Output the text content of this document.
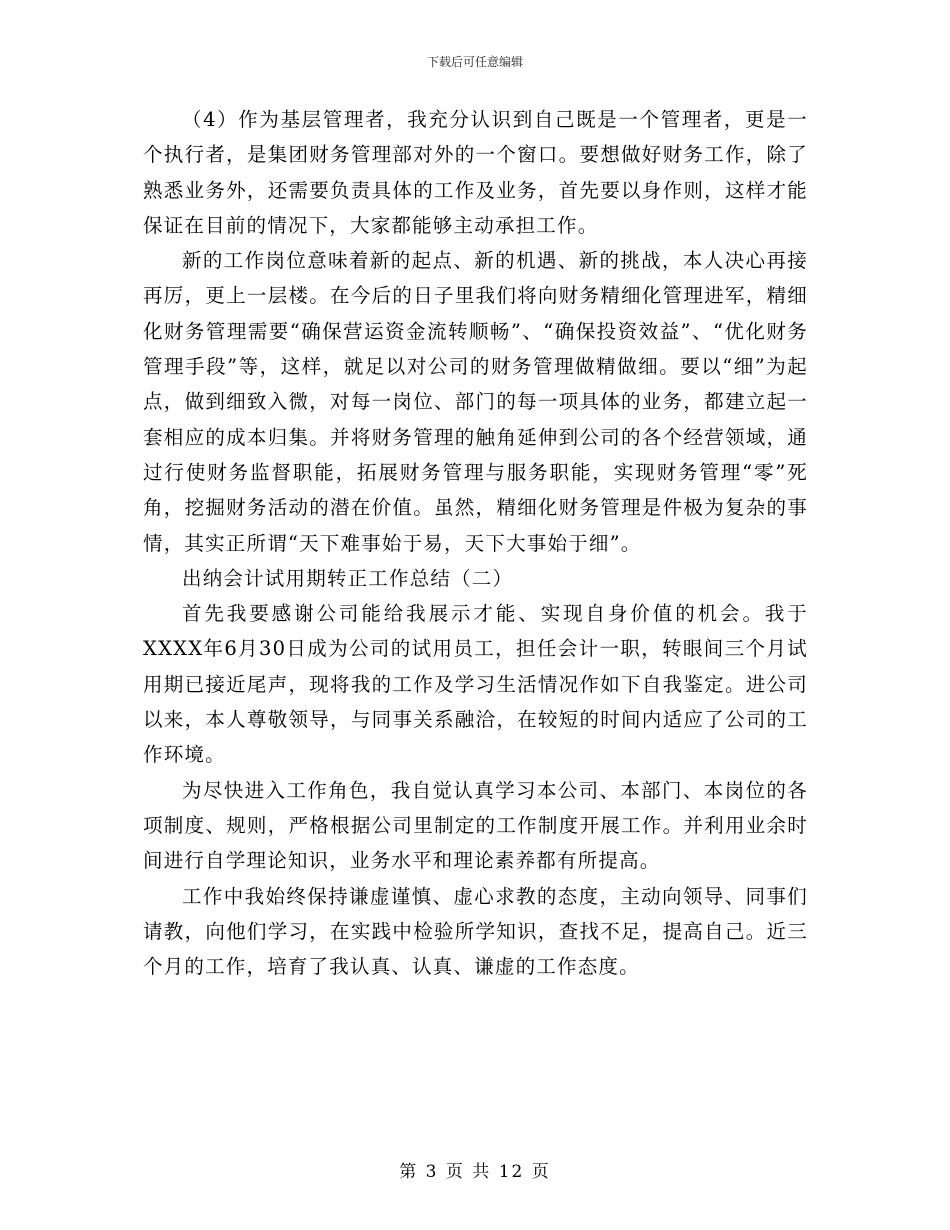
下载后可任意编辑

（4）作为基层管理者，我充分认识到自己既是一个管理者，更是一个执行者，是集团财务管理部对外的一个窗口。要想做好财务工作，除了熟悉业务外，还需要负责具体的工作及业务，首先要以身作则，这样才能保证在目前的情况下，大家都能够主动承担工作。

新的工作岗位意味着新的起点、新的机遇、新的挑战，本人决心再接再厉，更上一层楼。在今后的日子里我们将向财务精细化管理进军，精细化财务管理需要“确保营运资金流转顺畅”、“确保投资效益”、“优化财务管理手段”等，这样，就足以对公司的财务管理做精做细。要以“细”为起点，做到细致入微，对每一岗位、部门的每一项具体的业务，都建立起一套相应的成本归集。并将财务管理的触角延伸到公司的各个经营领域，通过行使财务监督职能，拓展财务管理与服务职能，实现财务管理“零”死角，挖掘财务活动的潜在价值。虽然，精细化财务管理是件极为复杂的事情，其实正所谓“天下难事始于易，天下大事始于细”。

出纳会计试用期转正工作总结（二）

首先我要感谢公司能给我展示才能、实现自身价值的机会。我于XXXX年6月30日成为公司的试用员工，担任会计一职，转眼间三个月试用期已接近尾声，现将我的工作及学习生活情况作如下自我鉴定。进公司以来，本人尊敬领导，与同事关系融洽，在较短的时间内适应了公司的工作环境。

为尽快进入工作角色，我自觉认真学习本公司、本部门、本岗位的各项制度、规则，严格根据公司里制定的工作制度开展工作。并利用业余时间进行自学理论知识，业务水平和理论素养都有所提高。

工作中我始终保持谦虚谨慎、虚心求教的态度，主动向领导、同事们请教，向他们学习，在实践中检验所学知识，查找不足，提高自己。近三个月的工作，培育了我认真、认真、谦虚的工作态度。

第 3 页 共 12 页
